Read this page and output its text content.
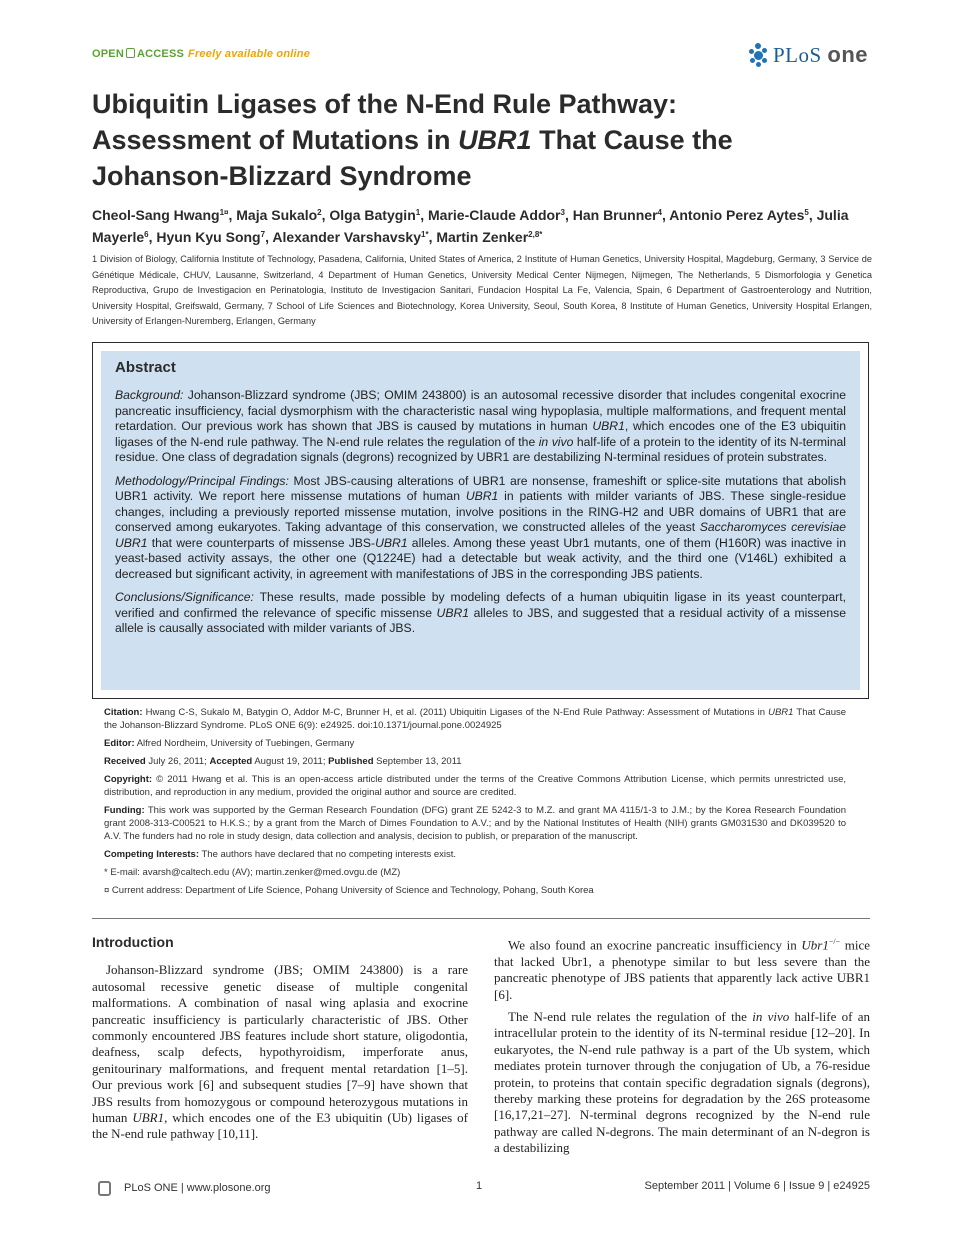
OPEN ACCESS Freely available online	PLoS one
Ubiquitin Ligases of the N-End Rule Pathway:
Assessment of Mutations in UBR1 That Cause the
Johanson-Blizzard Syndrome
Cheol-Sang Hwang$^{1¤}$, Maja Sukalo$^2$, Olga Batygin$^1$, Marie-Claude Addor$^3$, Han Brunner$^4$, Antonio Perez Aytes$^5$, Julia Mayerle$^6$, Hyun Kyu Song$^7$, Alexander Varshavsky$^{1*}$, Martin Zenker$^{2,8*}$
1 Division of Biology, California Institute of Technology, Pasadena, California, United States of America, 2 Institute of Human Genetics, University Hospital, Magdeburg, Germany, 3 Service de Génétique Médicale, CHUV, Lausanne, Switzerland, 4 Department of Human Genetics, University Medical Center Nijmegen, Nijmegen, The Netherlands, 5 Dismorfologia y Genetica Reproductiva, Grupo de Investigacion en Perinatologia, Instituto de Investigacion Sanitari, Fundacion Hospital La Fe, Valencia, Spain, 6 Department of Gastroenterology and Nutrition, University Hospital, Greifswald, Germany, 7 School of Life Sciences and Biotechnology, Korea University, Seoul, South Korea, 8 Institute of Human Genetics, University Hospital Erlangen, University of Erlangen-Nuremberg, Erlangen, Germany
Abstract

Background: Johanson-Blizzard syndrome (JBS; OMIM 243800) is an autosomal recessive disorder that includes congenital exocrine pancreatic insufficiency, facial dysmorphism with the characteristic nasal wing hypoplasia, multiple malformations, and frequent mental retardation. Our previous work has shown that JBS is caused by mutations in human UBR1, which encodes one of the E3 ubiquitin ligases of the N-end rule pathway. The N-end rule relates the regulation of the in vivo half-life of a protein to the identity of its N-terminal residue. One class of degradation signals (degrons) recognized by UBR1 are destabilizing N-terminal residues of protein substrates.

Methodology/Principal Findings: Most JBS-causing alterations of UBR1 are nonsense, frameshift or splice-site mutations that abolish UBR1 activity. We report here missense mutations of human UBR1 in patients with milder variants of JBS. These single-residue changes, including a previously reported missense mutation, involve positions in the RING-H2 and UBR domains of UBR1 that are conserved among eukaryotes. Taking advantage of this conservation, we constructed alleles of the yeast Saccharomyces cerevisiae UBR1 that were counterparts of missense JBS-UBR1 alleles. Among these yeast Ubr1 mutants, one of them (H160R) was inactive in yeast-based activity assays, the other one (Q1224E) had a detectable but weak activity, and the third one (V146L) exhibited a decreased but significant activity, in agreement with manifestations of JBS in the corresponding JBS patients.

Conclusions/Significance: These results, made possible by modeling defects of a human ubiquitin ligase in its yeast counterpart, verified and confirmed the relevance of specific missense UBR1 alleles to JBS, and suggested that a residual activity of a missense allele is causally associated with milder variants of JBS.

Citation: Hwang C-S, Sukalo M, Batygin O, Addor M-C, Brunner H, et al. (2011) Ubiquitin Ligases of the N-End Rule Pathway: Assessment of Mutations in UBR1 That Cause the Johanson-Blizzard Syndrome. PLoS ONE 6(9): e24925. doi:10.1371/journal.pone.0024925

Editor: Alfred Nordheim, University of Tuebingen, Germany

Received July 26, 2011; Accepted August 19, 2011; Published September 13, 2011

Copyright: © 2011 Hwang et al. This is an open-access article distributed under the terms of the Creative Commons Attribution License, which permits unrestricted use, distribution, and reproduction in any medium, provided the original author and source are credited.

Funding: This work was supported by the German Research Foundation (DFG) grant ZE 5242-3 to M.Z. and grant MA 4115/1-3 to J.M.; by the Korea Research Foundation grant 2008-313-C00521 to H.K.S.; by a grant from the March of Dimes Foundation to A.V.; and by the National Institutes of Health (NIH) grants GM031530 and DK039520 to A.V. The funders had no role in study design, data collection and analysis, decision to publish, or preparation of the manuscript.

Competing Interests: The authors have declared that no competing interests exist.

* E-mail: avarsh@caltech.edu (AV); martin.zenker@med.ovgu.de (MZ)

¤ Current address: Department of Life Science, Pohang University of Science and Technology, Pohang, South Korea

Introduction

Johanson-Blizzard syndrome (JBS; OMIM 243800) is a rare autosomal recessive genetic disease of multiple congenital malformations. A combination of nasal wing aplasia and exocrine pancreatic insufficiency is particularly characteristic of JBS. Other commonly encountered JBS features include short stature, oligodontia, deafness, scalp defects, hypothyroidism, imperforate anus, genitourinary malformations, and frequent mental retardation [1–5]. Our previous work [6] and subsequent studies [7–9] have shown that JBS results from homozygous or compound heterozygous mutations in human UBR1, which encodes one of the E3 ubiquitin (Ub) ligases of the N-end rule pathway [10,11].

We also found an exocrine pancreatic insufficiency in Ubr1−/− mice that lacked Ubr1, a phenotype similar to but less severe than the pancreatic phenotype of JBS patients that apparently lack active UBR1 [6].

The N-end rule relates the regulation of the in vivo half-life of an intracellular protein to the identity of its N-terminal residue [12–20]. In eukaryotes, the N-end rule pathway is a part of the Ub system, which mediates protein turnover through the conjugation of Ub, a 76-residue protein, to proteins that contain specific degradation signals (degrons), thereby marking these proteins for degradation by the 26S proteasome [16,17,21–27]. N-terminal degrons recognized by the N-end rule pathway are called N-degrons. The main determinant of an N-degron is a destabilizing

PLoS ONE | www.plosone.org	1	September 2011 | Volume 6 | Issue 9 | e24925
